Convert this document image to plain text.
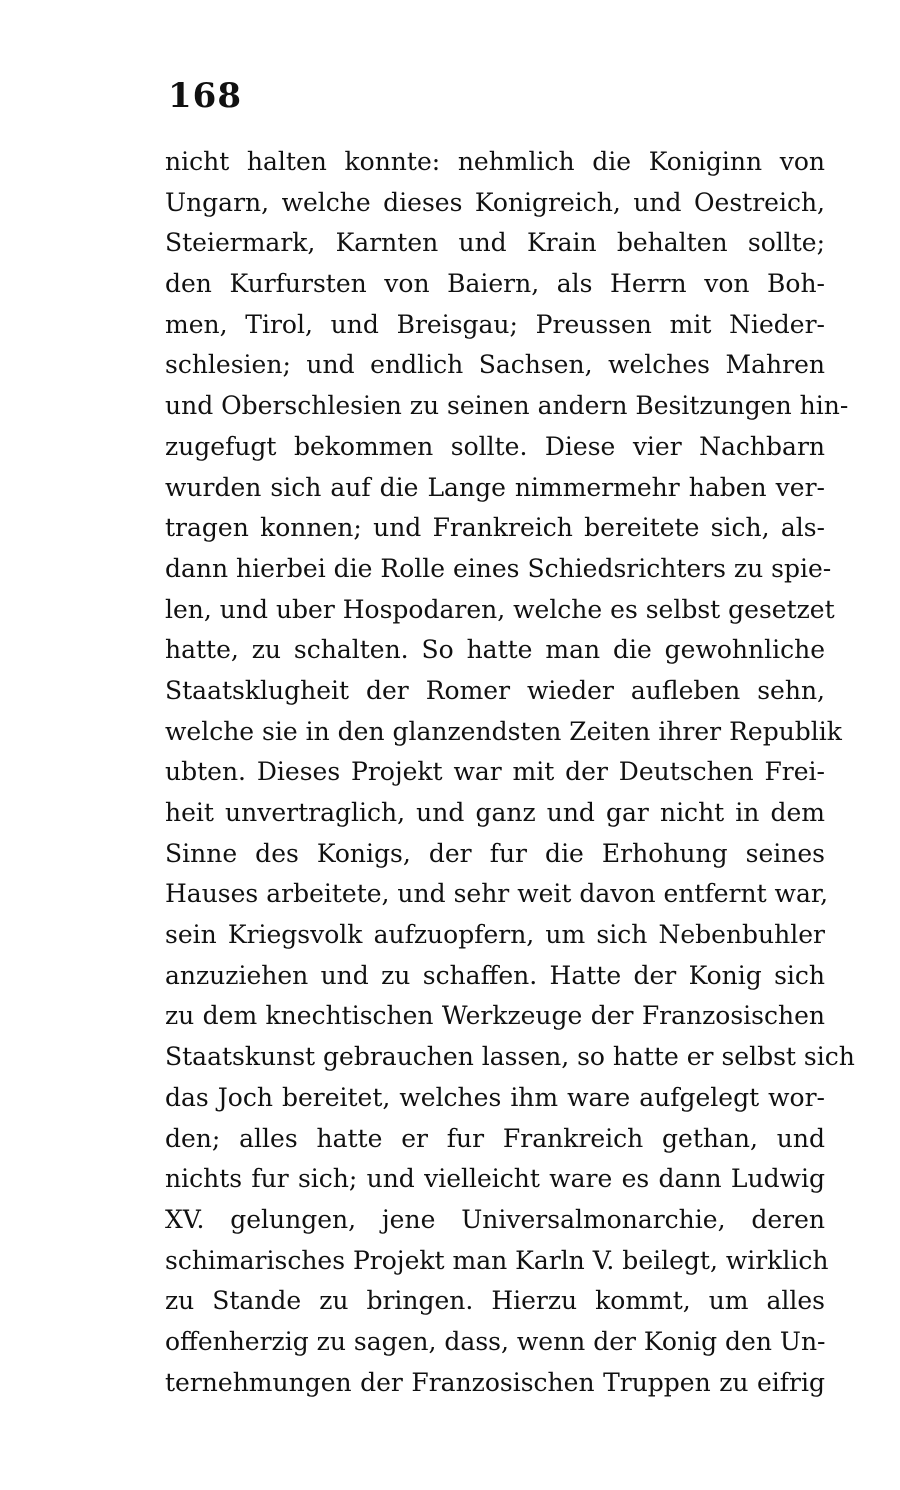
168
nicht halten konnte: nehmlich die Koniginn von
Ungarn, welche dieses Konigreich, und Oestreich,
Steiermark, Karnten und Krain behalten sollte;
den Kurfursten von Baiern, als Herrn von Boh-
men, Tirol, und Breisgau; Preussen mit Nieder-
schlesien; und endlich Sachsen, welches Mahren
und Oberschlesien zu seinen andern Besitzungen hin-
zugefugt bekommen sollte. Diese vier Nachbarn
wurden sich auf die Lange nimmermehr haben ver-
tragen konnen; und Frankreich bereitete sich, als-
dann hierbei die Rolle eines Schiedsrichters zu spie-
len, und uber Hospodaren, welche es selbst gesetzet
hatte, zu schalten. So hatte man die gewohnliche
Staatsklugheit der Romer wieder aufleben sehn,
welche sie in den glanzendsten Zeiten ihrer Republik
ubten. Dieses Projekt war mit der Deutschen Frei-
heit unvertraglich, und ganz und gar nicht in dem
Sinne des Konigs, der fur die Erhohung seines
Hauses arbeitete, und sehr weit davon entfernt war,
sein Kriegsvolk aufzuopfern, um sich Nebenbuhler
anzuziehen und zu schaffen. Hatte der Konig sich
zu dem knechtischen Werkzeuge der Franzosischen
Staatskunst gebrauchen lassen, so hatte er selbst sich
das Joch bereitet, welches ihm ware aufgelegt wor-
den; alles hatte er fur Frankreich gethan, und
nichts fur sich; und vielleicht ware es dann Ludwig
XV. gelungen, jene Universalmonarchie, deren
schimarisches Projekt man Karln V. beilegt, wirklich
zu Stande zu bringen. Hierzu kommt, um alles
offenherzig zu sagen, dass, wenn der Konig den Un-
ternehmungen der Franzosischen Truppen zu eifrig
